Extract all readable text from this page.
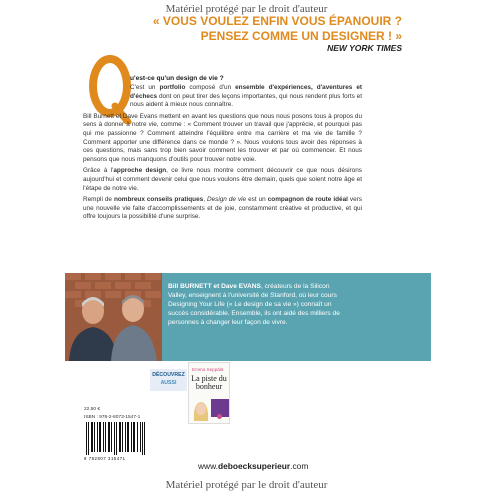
Matériel protégé par le droit d'auteur
« VOUS VOULEZ ENFIN VOUS ÉPANOUIR ?
PENSEZ COMME UN DESIGNER ! »
NEW YORK TIMES
Q
u'est-ce qu'un design de vie ?

C'est un portfolio composé d'un ensemble d'expériences, d'aventures et d'échecs dont on peut tirer des leçons importantes, qui nous rendent plus forts et nous aident à mieux nous connaître.

Bill Burnett et Dave Evans mettent en avant les questions que nous nous posons tous à propos du sens à donner à notre vie, comme : « Comment trouver un travail que j'apprécie, et pourquoi pas qui me passionne ? Comment atteindre l'équilibre entre ma carrière et ma vie de famille ? Comment apporter une différence dans ce monde ? ». Nous voulons tous avoir des réponses à ces questions, mais sans trop bien savoir comment les trouver et par où commencer. Et nous pensons que nous manquons d'outils pour trouver notre voie.

Grâce à l'approche design, ce livre nous montre comment découvrir ce que nous désirons aujourd'hui et comment devenir celui que nous voulons être demain, quels que soient notre âge et l'étape de notre vie.

Rempli de nombreux conseils pratiques, Design de vie est un compagnon de route idéal vers une nouvelle vie faite d'accomplissements et de joie, constamment créative et productive, et qui offre toujours la possibilité d'une surprise.

Bill BURNETT et Dave EVANS, créateurs de la Silicon Valley, enseignent à l'université de Stanford, où leur cours Designing Your Life (« Le design de sa vie ») connaît un succès considérable. Ensemble, ils ont aidé des milliers de personnes à changer leur façon de vivre.
DÉCOUVREZ
AUSSI
Emma Seppälä
La piste du
bonheur
22,50 €
ISBN : 978-2-8073-1547-1
9 782807 315471
www.deboecksuperieur.com
Matériel protégé par le droit d'auteur
